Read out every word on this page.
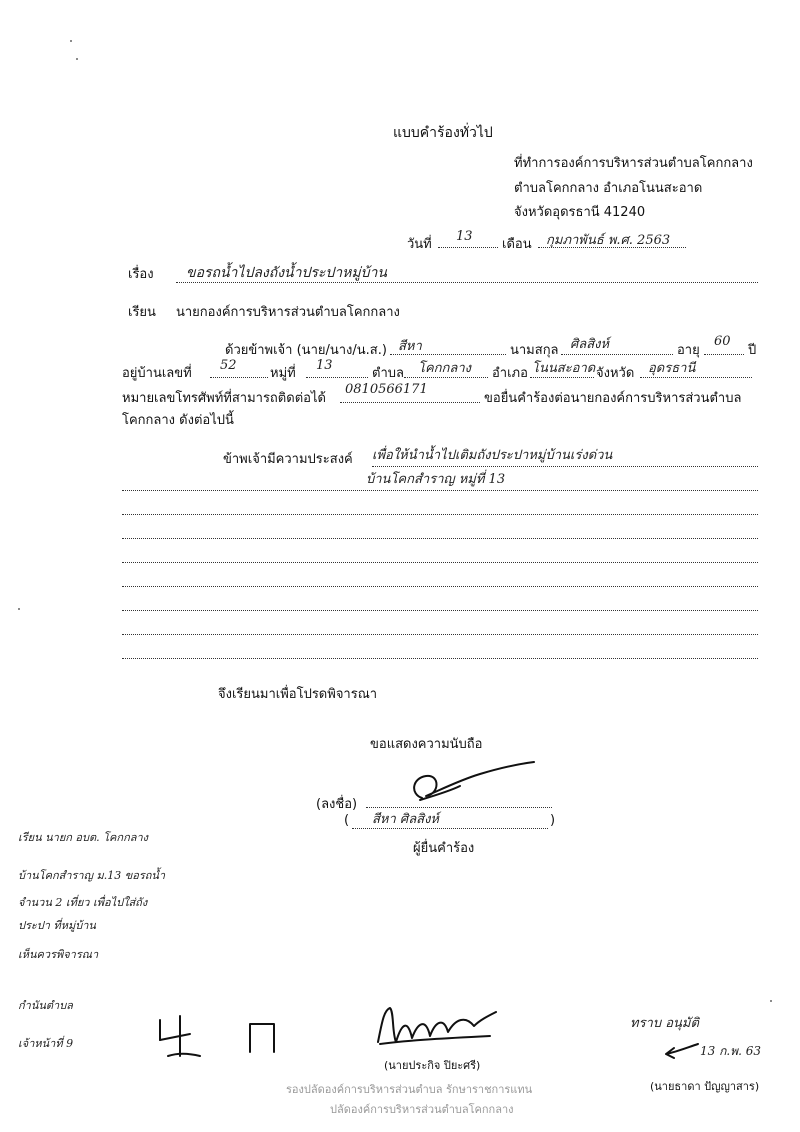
แบบคำร้องทั่วไป
ที่ทำการองค์การบริหารส่วนตำบลโคกกลาง
ตำบลโคกกลาง อำเภอโนนสะอาด
จังหวัดอุดรธานี 41240
วันที่
13
เดือน กุมภาพันธ์ พ.ศ. 2563
เรื่อง ขอรถน้ำไปลงถังน้ำประปาหมู่บ้าน
เรียน นายกองค์การบริหารส่วนตำบลโคกกลาง
ด้วยข้าพเจ้า (นาย/นาง/น.ส.) สีหา	นามสกุล ศิลสิงห์	อายุ
60
ปี
อยู่บ้านเลขที่
52
หมู่ที่
13
ตำบล โคกกลาง อำเภอ โนนสะอาด จังหวัด อุดรธานี
หมายเลขโทรศัพท์ที่สามารถติดต่อได้
0810566171
ขอยื่นคำร้องต่อนายกองค์การบริหารส่วนตำบล
โคกกลาง ดังต่อไปนี้
ข้าพเจ้ามีความประสงค์ เพื่อให้นำน้ำไปเติมถังประปาหมู่บ้านเร่งด่วน
บ้านโคกสำราญ หมู่ที่ 13
จึงเรียนมาเพื่อโปรดพิจารณา
ขอแสดงความนับถือ
(ลงชื่อ)
( สีหา ศิลสิงห์	)
ผู้ยื่นคำร้อง
เรียน นายก อบต. โคกกลาง
บ้านโคกสำราญ ม.13 ขอรถน้ำ
จำนวน 2 เที่ยว เพื่อไปใส่ถัง
ประปา ที่หมู่บ้าน
เห็นควรพิจารณา
กำนันตำบล
เจ้าหน้าที่ 9
(นายประกิจ ปิยะศรี)
ทราบ อนุมัติ
13 ก.พ. 63
(นายธาดา ปัญญาสาร)
รองปลัดองค์การบริหารส่วนตำบล รักษาราชการแทน
ปลัดองค์การบริหารส่วนตำบลโคกกลาง
